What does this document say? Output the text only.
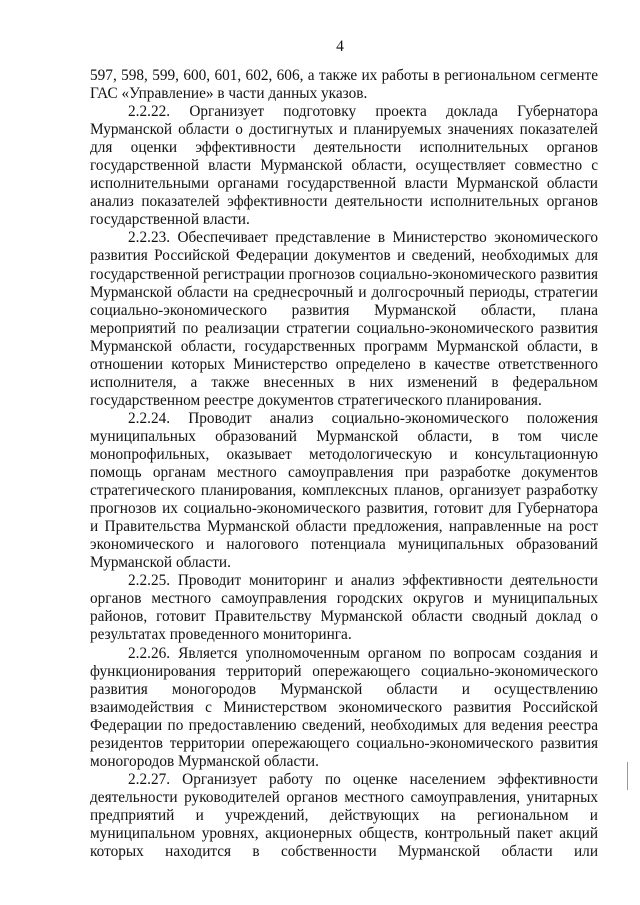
4
597, 598, 599, 600, 601, 602, 606, а также их работы в региональном сегменте
ГАС «Управление» в части данных указов.
2.2.22. Организует подготовку проекта доклада Губернатора
Мурманской области о достигнутых и планируемых значениях показателей
для оценки эффективности деятельности исполнительных органов
государственной власти Мурманской области, осуществляет совместно с
исполнительными органами государственной власти Мурманской области
анализ показателей эффективности деятельности исполнительных органов
государственной власти.
2.2.23. Обеспечивает представление в Министерство экономического
развития Российской Федерации документов и сведений, необходимых для
государственной регистрации прогнозов социально-экономического развития
Мурманской области на среднесрочный и долгосрочный периоды, стратегии
социально-экономического развития Мурманской области, плана
мероприятий по реализации стратегии социально-экономического развития
Мурманской области, государственных программ Мурманской области, в
отношении которых Министерство определено в качестве ответственного
исполнителя, а также внесенных в них изменений в федеральном
государственном реестре документов стратегического планирования.
2.2.24. Проводит анализ социально-экономического положения
муниципальных образований Мурманской области, в том числе
монопрофильных, оказывает методологическую и консультационную
помощь органам местного самоуправления при разработке документов
стратегического планирования, комплексных планов, организует разработку
прогнозов их социально-экономического развития, готовит для Губернатора
и Правительства Мурманской области предложения, направленные на рост
экономического и налогового потенциала муниципальных образований
Мурманской области.
2.2.25. Проводит мониторинг и анализ эффективности деятельности
органов местного самоуправления городских округов и муниципальных
районов, готовит Правительству Мурманской области сводный доклад о
результатах проведенного мониторинга.
2.2.26. Является уполномоченным органом по вопросам создания и
функционирования территорий опережающего социально-экономического
развития моногородов Мурманской области и осуществлению
взаимодействия с Министерством экономического развития Российской
Федерации по предоставлению сведений, необходимых для ведения реестра
резидентов территории опережающего социально-экономического развития
моногородов Мурманской области.
2.2.27. Организует работу по оценке населением эффективности
деятельности руководителей органов местного самоуправления, унитарных
предприятий и учреждений, действующих на региональном и
муниципальном уровнях, акционерных обществ, контрольный пакет акций
которых находится в собственности Мурманской области или
